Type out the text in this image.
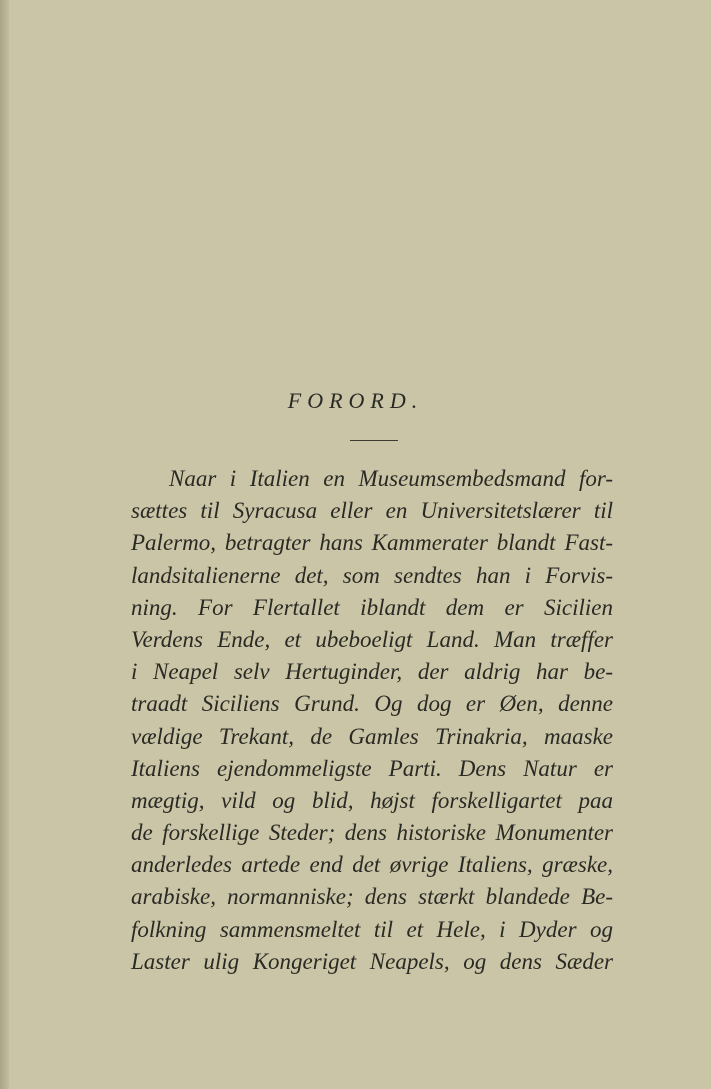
FORORD.
Naar i Italien en Museumsembedsmand for-
sættes til Syracusa eller en Universitetslærer til
Palermo, betragter hans Kammerater blandt Fast-
landsitalienerne det, som sendtes han i Forvis-
ning. For Flertallet iblandt dem er Sicilien
Verdens Ende, et ubeboeligt Land. Man træffer
i Neapel selv Hertuginder, der aldrig har be-
traadt Siciliens Grund. Og dog er Øen, denne
vældige Trekant, de Gamles Trinakria, maaske
Italiens ejendommeligste Parti. Dens Natur er
mægtig, vild og blid, højst forskelligartet paa
de forskellige Steder; dens historiske Monumenter
anderledes artede end det øvrige Italiens, græske,
arabiske, normanniske; dens stærkt blandede Be-
folkning sammensmeltet til et Hele, i Dyder og
Laster ulig Kongeriget Neapels, og dens Sæder
